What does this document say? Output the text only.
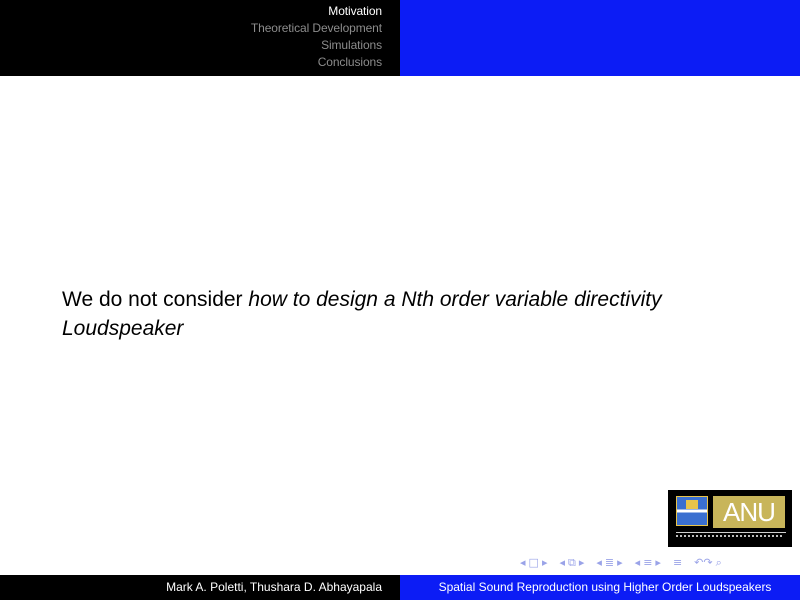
Motivation
Theoretical Development
Simulations
Conclusions
We do not consider how to design a Nth order variable directivity Loudspeaker
ANU
◂ □ ▸ ◂ ⧉ ▸ ◂ ≣ ▸ ◂ ≡ ▸ ≡ ↶↷ ⌕
Mark A. Poletti, Thushara D. Abhayapala	Spatial Sound Reproduction using Higher Order Loudspeakers
